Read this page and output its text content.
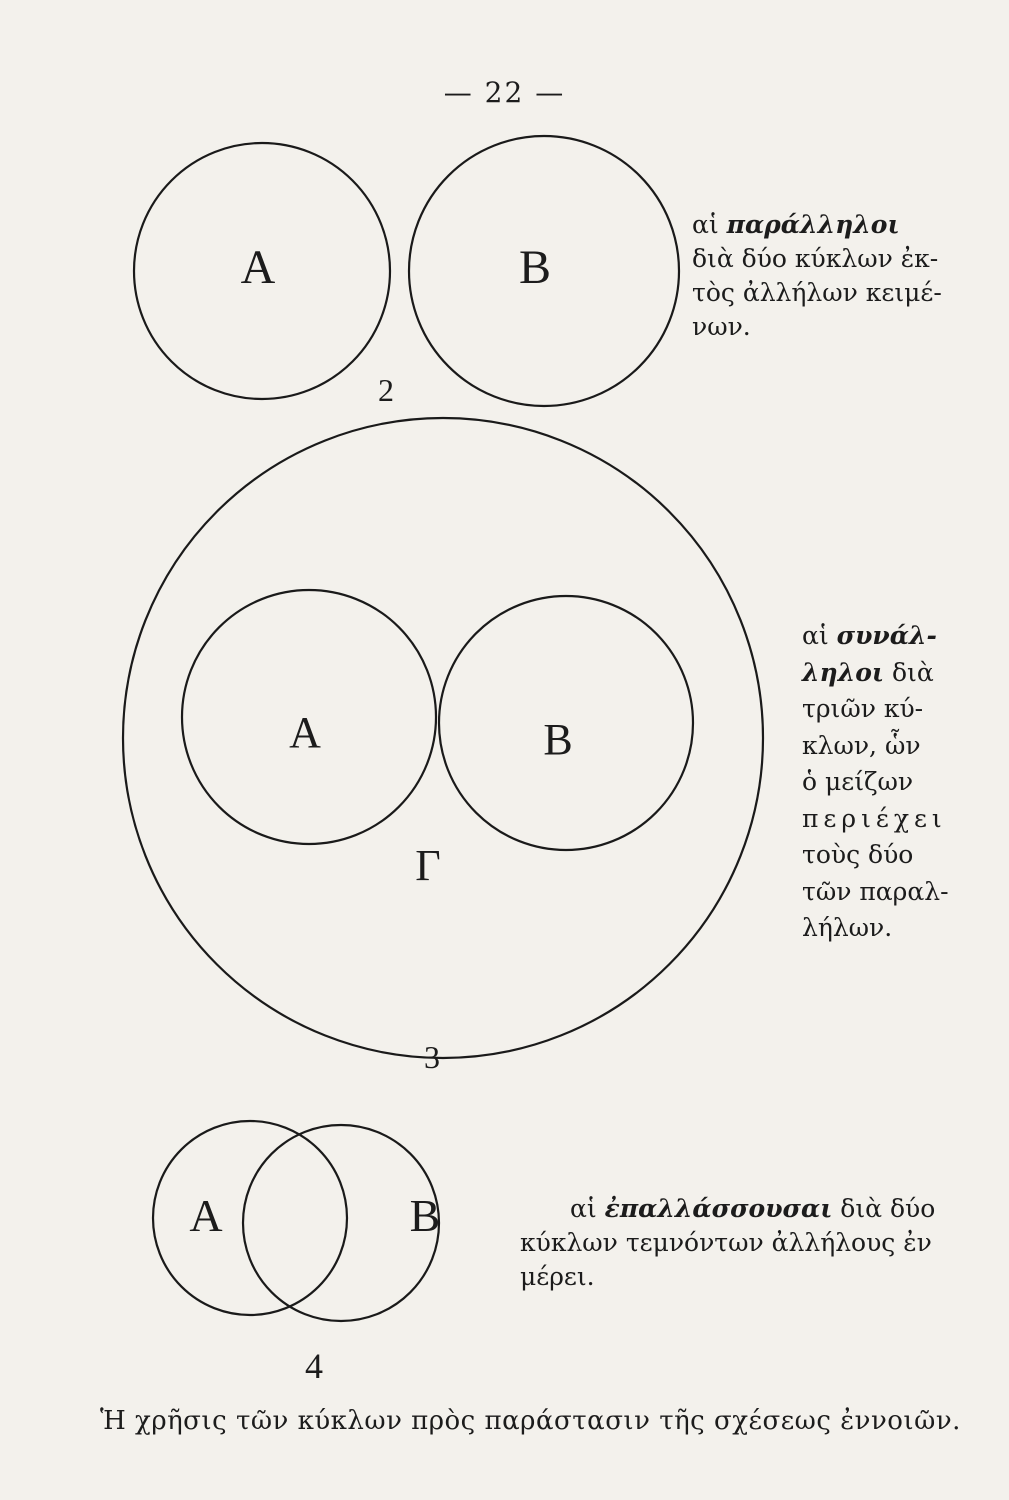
— 22 —
A	B
2
A	B
Γ
3
A	B
4
αἱ παράλληλοι
διὰ δύο κύκλων ἐκ-
τὸς ἀλλήλων κειμέ-
νων.
αἱ συνάλ-
ληλοι διὰ
τριῶν κύ-
κλων, ὧν
ὁ μείζων
περιέχει
τοὺς δύο
τῶν παραλ-
λήλων.
αἱ ἐπαλλάσσουσαι διὰ δύο
κύκλων τεμνόντων ἀλλήλους ἐν
μέρει.
Ἡ χρῆσις τῶν κύκλων πρὸς παράστασιν τῆς σχέσεως ἐννοιῶν.
